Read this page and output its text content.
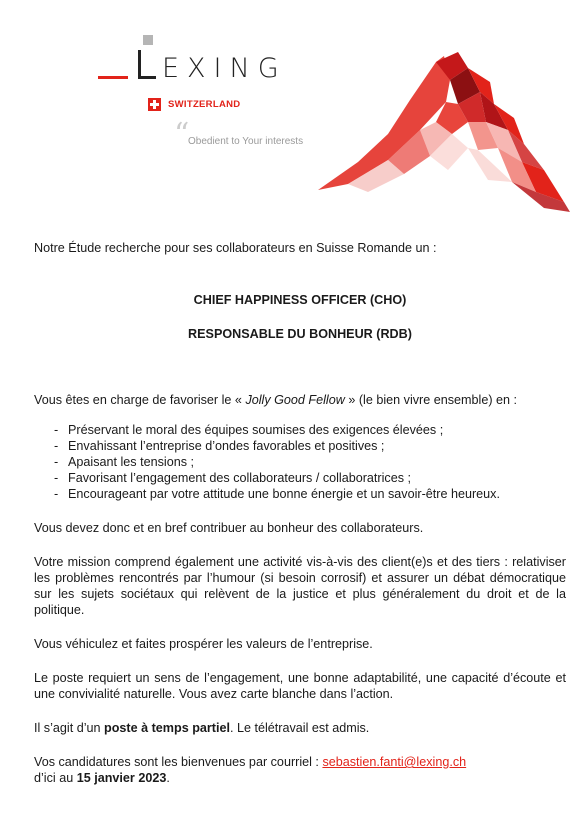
EXING
SWITZERLAND
“
Obedient to Your interests

Notre Étude recherche pour ses collaborateurs en Suisse Romande un :

CHIEF HAPPINESS OFFICER (CHO)

RESPONSABLE DU BONHEUR (RDB)

Vous êtes en charge de favoriser le « Jolly Good Fellow » (le bien vivre ensemble) en :

- Préservant le moral des équipes soumises des exigences élevées ;
- Envahissant l’entreprise d’ondes favorables et positives ;
- Apaisant les tensions ;
- Favorisant l’engagement des collaborateurs / collaboratrices ;
- Encourageant par votre attitude une bonne énergie et un savoir-être heureux.

Vous devez donc et en bref contribuer au bonheur des collaborateurs.

Votre mission comprend également une activité vis-à-vis des client(e)s et des tiers : relativiser les problèmes rencontrés par l’humour (si besoin corrosif) et assurer un débat démocratique sur les sujets sociétaux qui relèvent de la justice et plus généralement du droit et de la politique.

Vous véhiculez et faites prospérer les valeurs de l’entreprise.

Le poste requiert un sens de l’engagement, une bonne adaptabilité, une capacité d’écoute et une convivialité naturelle. Vous avez carte blanche dans l’action.

Il s’agit d’un poste à temps partiel. Le télétravail est admis.

Vos candidatures sont les bienvenues par courriel : sebastien.fanti@lexing.ch
d’ici au 15 janvier 2023.
